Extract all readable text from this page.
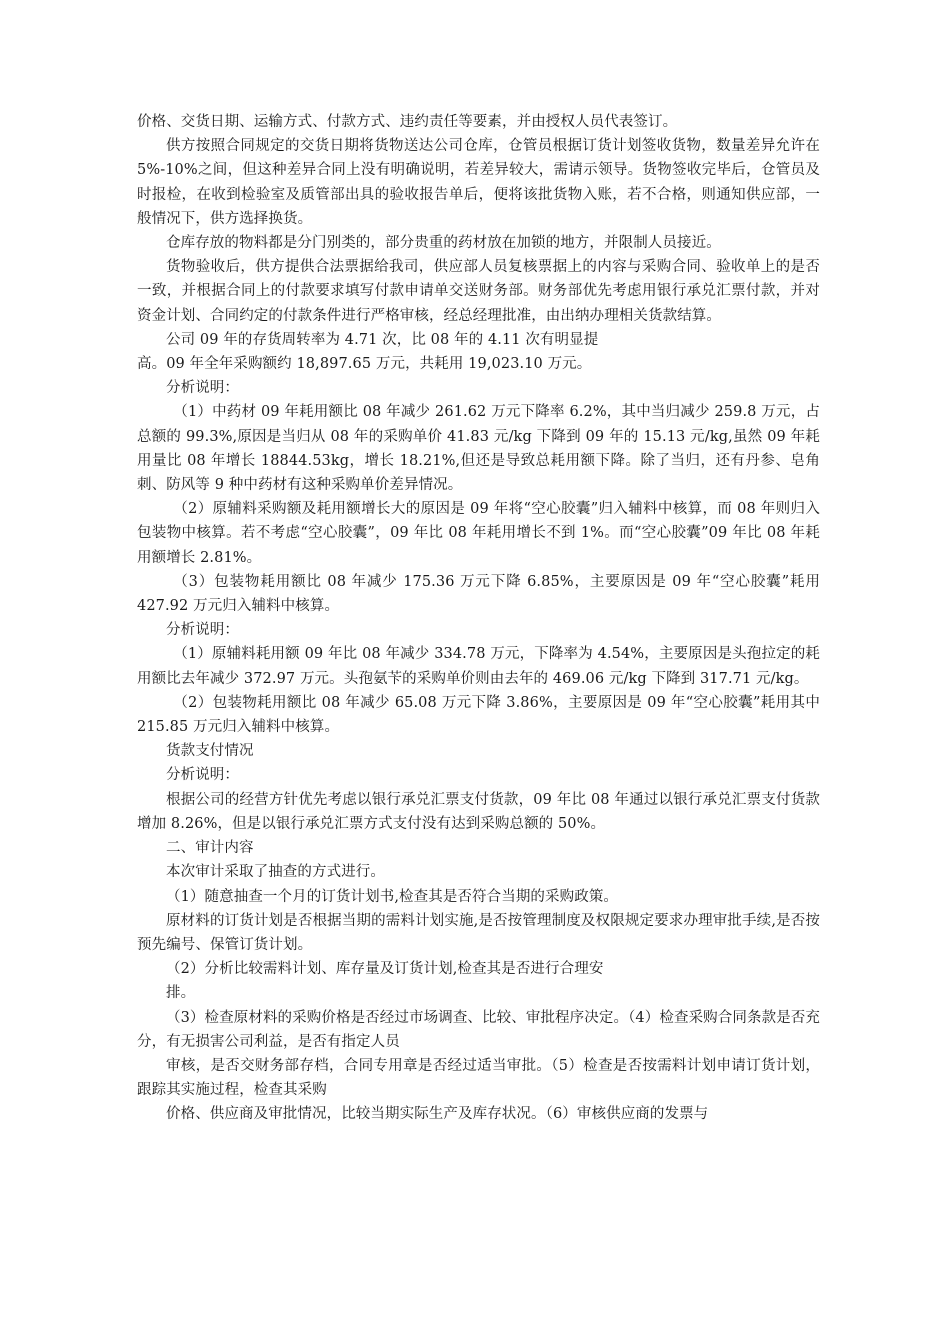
价格、交货日期、运输方式、付款方式、违约责任等要素，并由授权人员代表签订。

供方按照合同规定的交货日期将货物送达公司仓库，仓管员根据订货计划签收货物，数量差异允许在 5%-10%之间，但这种差异合同上没有明确说明，若差异较大，需请示领导。货物签收完毕后，仓管员及时报检，在收到检验室及质管部出具的验收报告单后，便将该批货物入账，若不合格，则通知供应部，一般情况下，供方选择换货。

仓库存放的物料都是分门别类的，部分贵重的药材放在加锁的地方，并限制人员接近。

货物验收后，供方提供合法票据给我司，供应部人员复核票据上的内容与采购合同、验收单上的是否一致，并根据合同上的付款要求填写付款申请单交送财务部。财务部优先考虑用银行承兑汇票付款，并对资金计划、合同约定的付款条件进行严格审核，经总经理批准，由出纳办理相关货款结算。

公司 09 年的存货周转率为 4.71 次，比 08 年的 4.11 次有明显提

高。09 年全年采购额约 18,897.65 万元，共耗用 19,023.10 万元。

分析说明：

（1）中药材 09 年耗用额比 08 年减少 261.62 万元下降率 6.2%，其中当归减少 259.8 万元，占总额的 99.3%,原因是当归从 08 年的采购单价 41.83 元/kg 下降到 09 年的 15.13 元/kg,虽然 09 年耗用量比 08 年增长 18844.53kg，增长 18.21%,但还是导致总耗用额下降。除了当归，还有丹参、皂角刺、防风等 9 种中药材有这种采购单价差异情况。

（2）原辅料采购额及耗用额增长大的原因是 09 年将“空心胶囊”归入辅料中核算，而 08 年则归入包装物中核算。若不考虑“空心胶囊”，09 年比 08 年耗用增长不到 1%。而“空心胶囊”09 年比 08 年耗用额增长 2.81%。

（3）包装物耗用额比 08 年减少 175.36 万元下降 6.85%，主要原因是 09 年“空心胶囊”耗用 427.92 万元归入辅料中核算。

分析说明：

（1）原辅料耗用额 09 年比 08 年减少 334.78 万元，下降率为 4.54%，主要原因是头孢拉定的耗用额比去年减少 372.97 万元。头孢氨苄的采购单价则由去年的 469.06 元/kg 下降到 317.71 元/kg。

（2）包装物耗用额比 08 年减少 65.08 万元下降 3.86%，主要原因是 09 年“空心胶囊”耗用其中 215.85 万元归入辅料中核算。

货款支付情况

分析说明：

根据公司的经营方针优先考虑以银行承兑汇票支付货款，09 年比 08 年通过以银行承兑汇票支付货款增加 8.26%，但是以银行承兑汇票方式支付没有达到采购总额的 50%。

二、审计内容

本次审计采取了抽查的方式进行。

（1）随意抽查一个月的订货计划书,检查其是否符合当期的采购政策。

原材料的订货计划是否根据当期的需料计划实施,是否按管理制度及权限规定要求办理审批手续,是否按预先编号、保管订货计划。

（2）分析比较需料计划、库存量及订货计划,检查其是否进行合理安

排。

（3）检查原材料的采购价格是否经过市场调查、比较、审批程序决定。（4）检查采购合同条款是否充分，有无损害公司利益，是否有指定人员

审核，是否交财务部存档，合同专用章是否经过适当审批。（5）检查是否按需料计划申请订货计划，跟踪其实施过程，检查其采购

价格、供应商及审批情况，比较当期实际生产及库存状况。（6）审核供应商的发票与
